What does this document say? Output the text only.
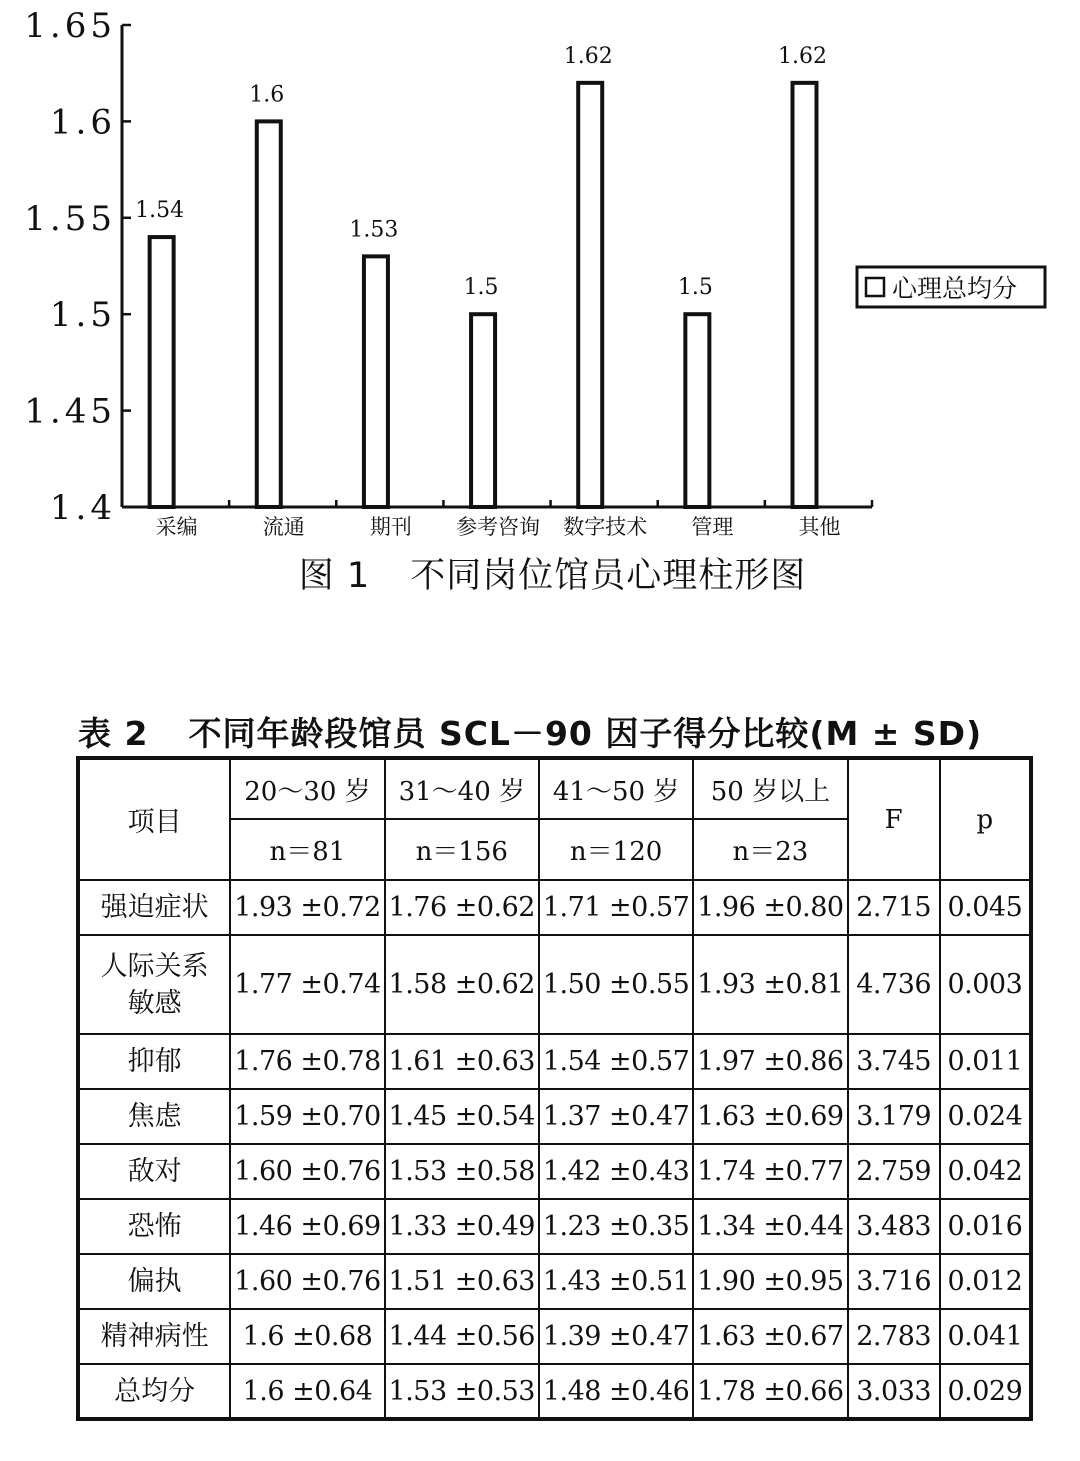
1.4
1.45
1.5
1.55
1.6
1.65
1.54
采编
1.6
流通
1.53
期刊
1.5
参考咨询
1.62
数字技术
1.5
管理
1.62
其他
心理总均分
图 1 不同岗位馆员心理柱形图
表 2 不同年龄段馆员 SCL－90 因子得分比较(M ± SD)
项目	20～30 岁	31～40 岁	41～50 岁	50 岁以上	F	p
	n＝81	n＝156	n＝120	n＝23		

强迫症状	1.93 ±0.72	1.76 ±0.62	1.71 ±0.57	1.96 ±0.80	2.715	0.045

人际关系
敏感	1.77 ±0.74	1.58 ±0.62	1.50 ±0.55	1.93 ±0.81	4.736	0.003

抑郁	1.76 ±0.78	1.61 ±0.63	1.54 ±0.57	1.97 ±0.86	3.745	0.011

焦虑	1.59 ±0.70	1.45 ±0.54	1.37 ±0.47	1.63 ±0.69	3.179	0.024

敌对	1.60 ±0.76	1.53 ±0.58	1.42 ±0.43	1.74 ±0.77	2.759	0.042

恐怖	1.46 ±0.69	1.33 ±0.49	1.23 ±0.35	1.34 ±0.44	3.483	0.016

偏执	1.60 ±0.76	1.51 ±0.63	1.43 ±0.51	1.90 ±0.95	3.716	0.012

精神病性	1.6 ±0.68	1.44 ±0.56	1.39 ±0.47	1.63 ±0.67	2.783	0.041

总均分	1.6 ±0.64	1.53 ±0.53	1.48 ±0.46	1.78 ±0.66	3.033	0.029
